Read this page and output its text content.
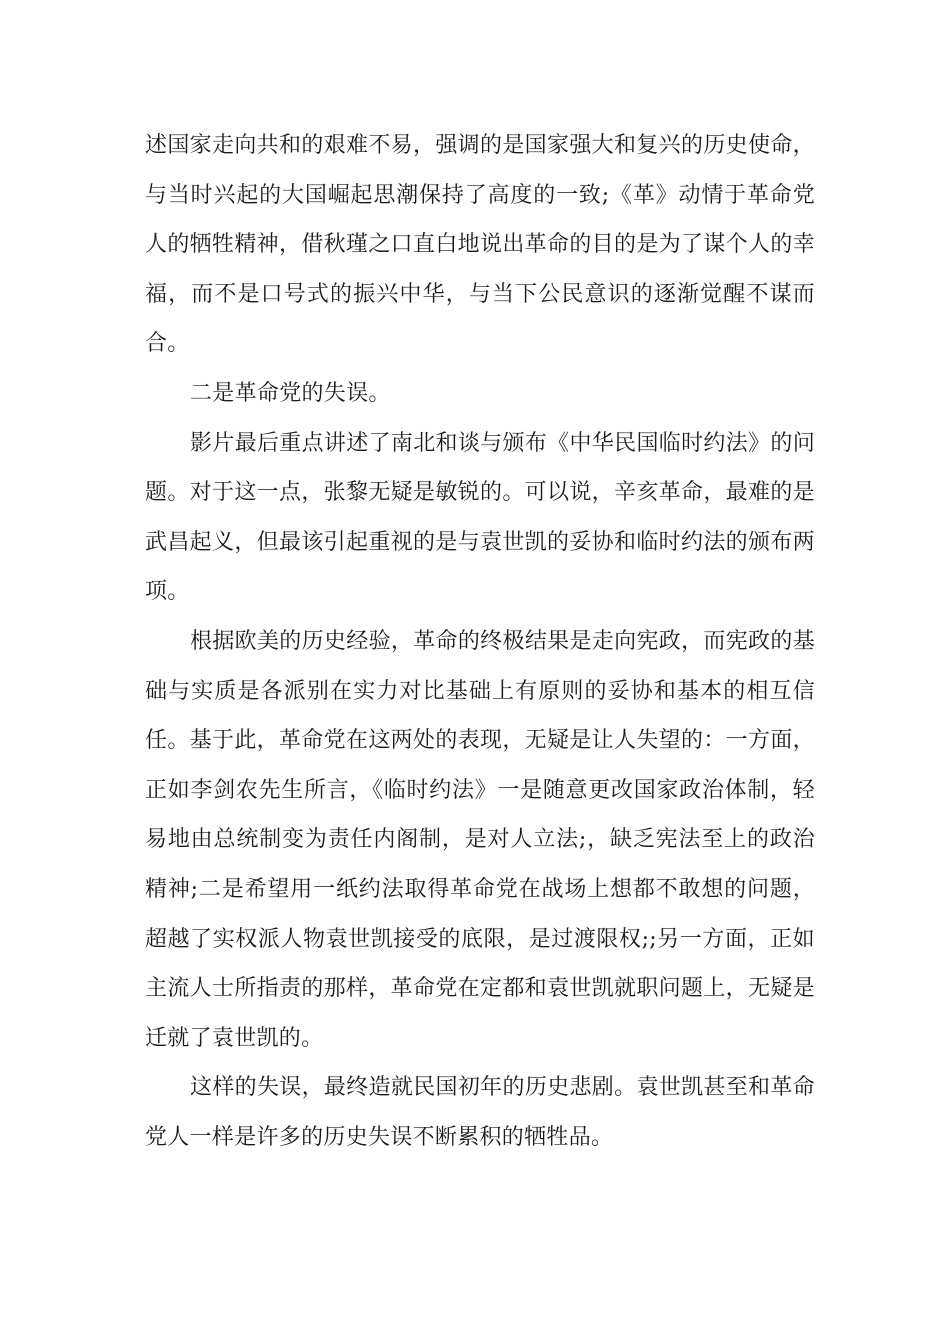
述国家走向共和的艰难不易，强调的是国家强大和复兴的历史使命，与当时兴起的大国崛起思潮保持了高度的一致;《革》动情于革命党人的牺牲精神，借秋瑾之口直白地说出革命的目的是为了谋个人的幸福，而不是口号式的振兴中华，与当下公民意识的逐渐觉醒不谋而合。

二是革命党的失误。

影片最后重点讲述了南北和谈与颁布《中华民国临时约法》的问题。对于这一点，张黎无疑是敏锐的。可以说，辛亥革命，最难的是武昌起义，但最该引起重视的是与袁世凯的妥协和临时约法的颁布两项。

根据欧美的历史经验，革命的终极结果是走向宪政，而宪政的基础与实质是各派别在实力对比基础上有原则的妥协和基本的相互信任。基于此，革命党在这两处的表现，无疑是让人失望的：一方面，正如李剑农先生所言，《临时约法》一是随意更改国家政治体制，轻易地由总统制变为责任内阁制，是对人立法;，缺乏宪法至上的政治精神;二是希望用一纸约法取得革命党在战场上想都不敢想的问题，超越了实权派人物袁世凯接受的底限，是过渡限权;;另一方面，正如主流人士所指责的那样，革命党在定都和袁世凯就职问题上，无疑是迁就了袁世凯的。

这样的失误，最终造就民国初年的历史悲剧。袁世凯甚至和革命党人一样是许多的历史失误不断累积的牺牲品。
